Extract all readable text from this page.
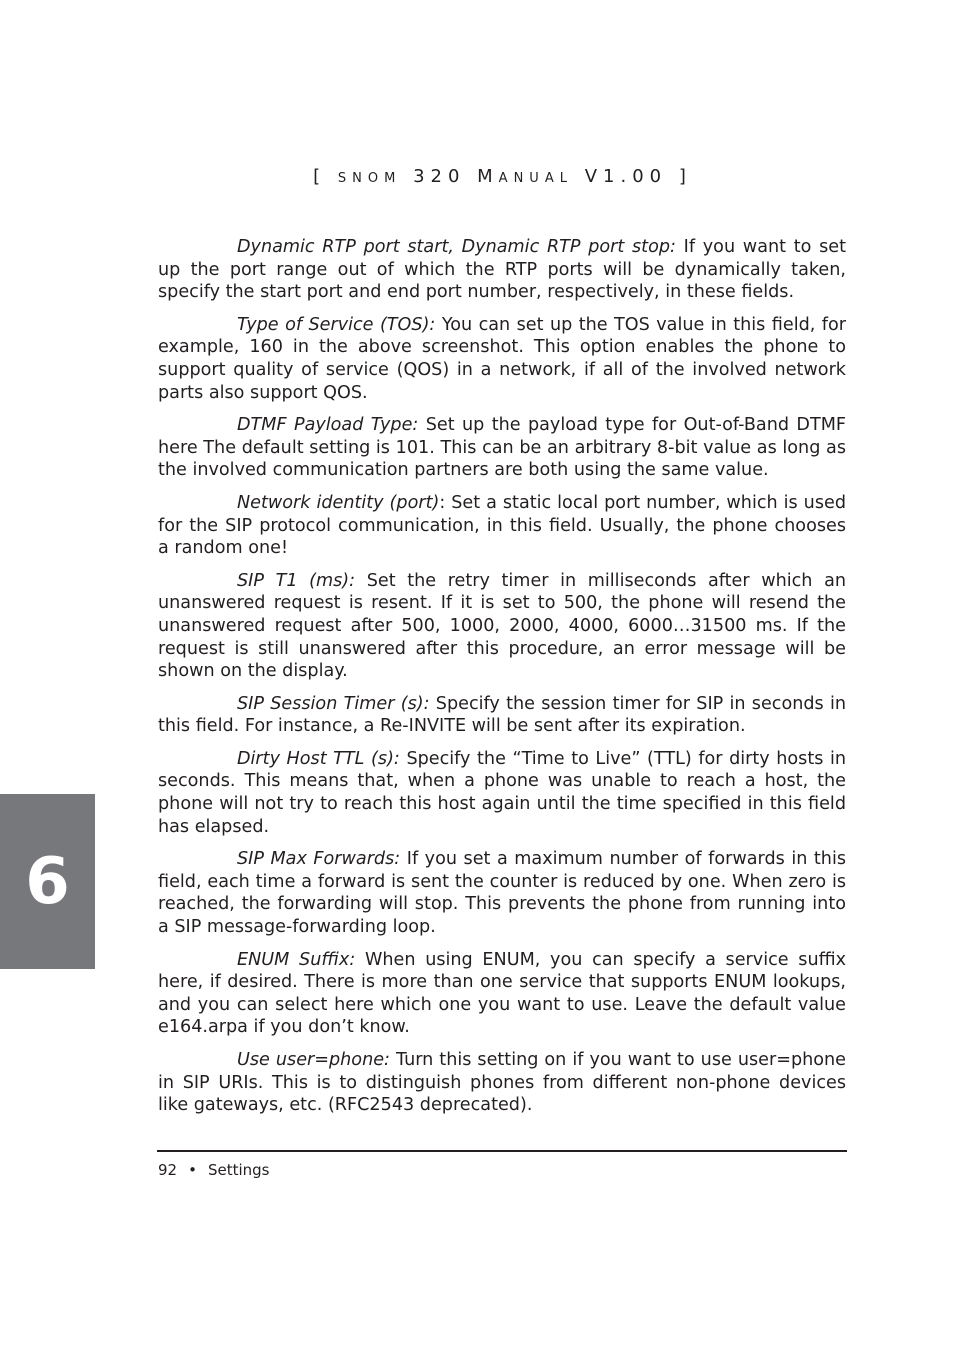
[ snom 320 Manual V1.00 ]

Dynamic RTP port start, Dynamic RTP port stop: If you want to set up the port range out of which the RTP ports will be dynamically taken, specify the start port and end port number, respectively, in these fields.

Type of Service (TOS): You can set up the TOS value in this field, for example, 160 in the above screenshot. This option enables the phone to support quality of service (QOS) in a network, if all of the involved network parts also support QOS.

DTMF Payload Type: Set up the payload type for Out-of-Band DTMF here The default setting is 101. This can be an arbitrary 8-bit value as long as the involved communication partners are both using the same value.

Network identity (port): Set a static local port number, which is used for the SIP protocol communication, in this field. Usually, the phone chooses a random one!

SIP T1 (ms): Set the retry timer in milliseconds after which an unanswered request is resent. If it is set to 500, the phone will resend the unanswered request after 500, 1000, 2000, 4000, 6000…31500 ms. If the request is still unanswered after this procedure, an error message will be shown on the display.

SIP Session Timer (s): Specify the session timer for SIP in seconds in this field. For instance, a Re-INVITE will be sent after its expiration.

Dirty Host TTL (s): Specify the “Time to Live” (TTL) for dirty hosts in seconds. This means that, when a phone was unable to reach a host, the phone will not try to reach this host again until the time specified in this field has elapsed.

SIP Max Forwards: If you set a maximum number of forwards in this field, each time a forward is sent the counter is reduced by one. When zero is reached, the forwarding will stop. This prevents the phone from running into a SIP message-forwarding loop.

ENUM Suffix: When using ENUM, you can specify a service suffix here, if desired. There is more than one service that supports ENUM lookups, and you can select here which one you want to use. Leave the default value e164.arpa if you don’t know.

Use user=phone: Turn this setting on if you want to use user=phone in SIP URIs. This is to distinguish phones from different non-phone devices like gateways, etc. (RFC2543 deprecated).

6
92 • Settings
